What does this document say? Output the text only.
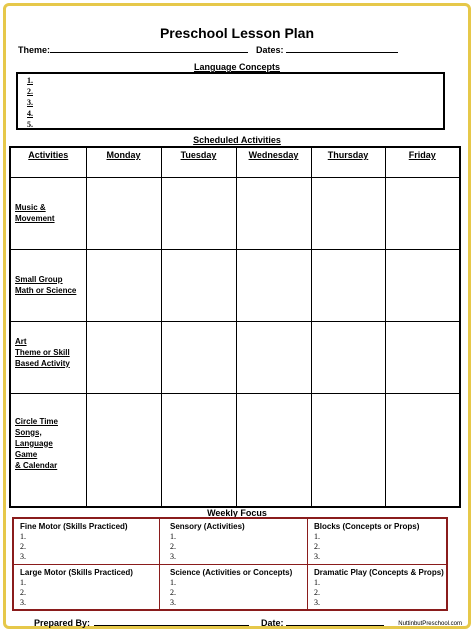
Preschool Lesson Plan
Theme:	Dates:
Language Concepts
1.
2.
3.
4.
5.
Scheduled Activities
Activities	Monday	Tuesday	Wednesday	Thursday	Friday

Music &
Movement					

Small Group
Math or Science					

Art
Theme or Skill
Based Activity					

Circle Time
Songs,
Language
Game
& Calendar					

Weekly Focus
Fine Motor (Skills Practiced)
1.
2.
3.
Sensory (Activities)
1.
2.
3.
Blocks (Concepts or Props)
1.
2.
3.
Large Motor (Skills Practiced)
1.
2.
3.
Science (Activities or Concepts)
1.
2.
3.
Dramatic Play (Concepts & Props)
1.
2.
3.
Prepared By:	Date:	NuttinbutPreschool.com
